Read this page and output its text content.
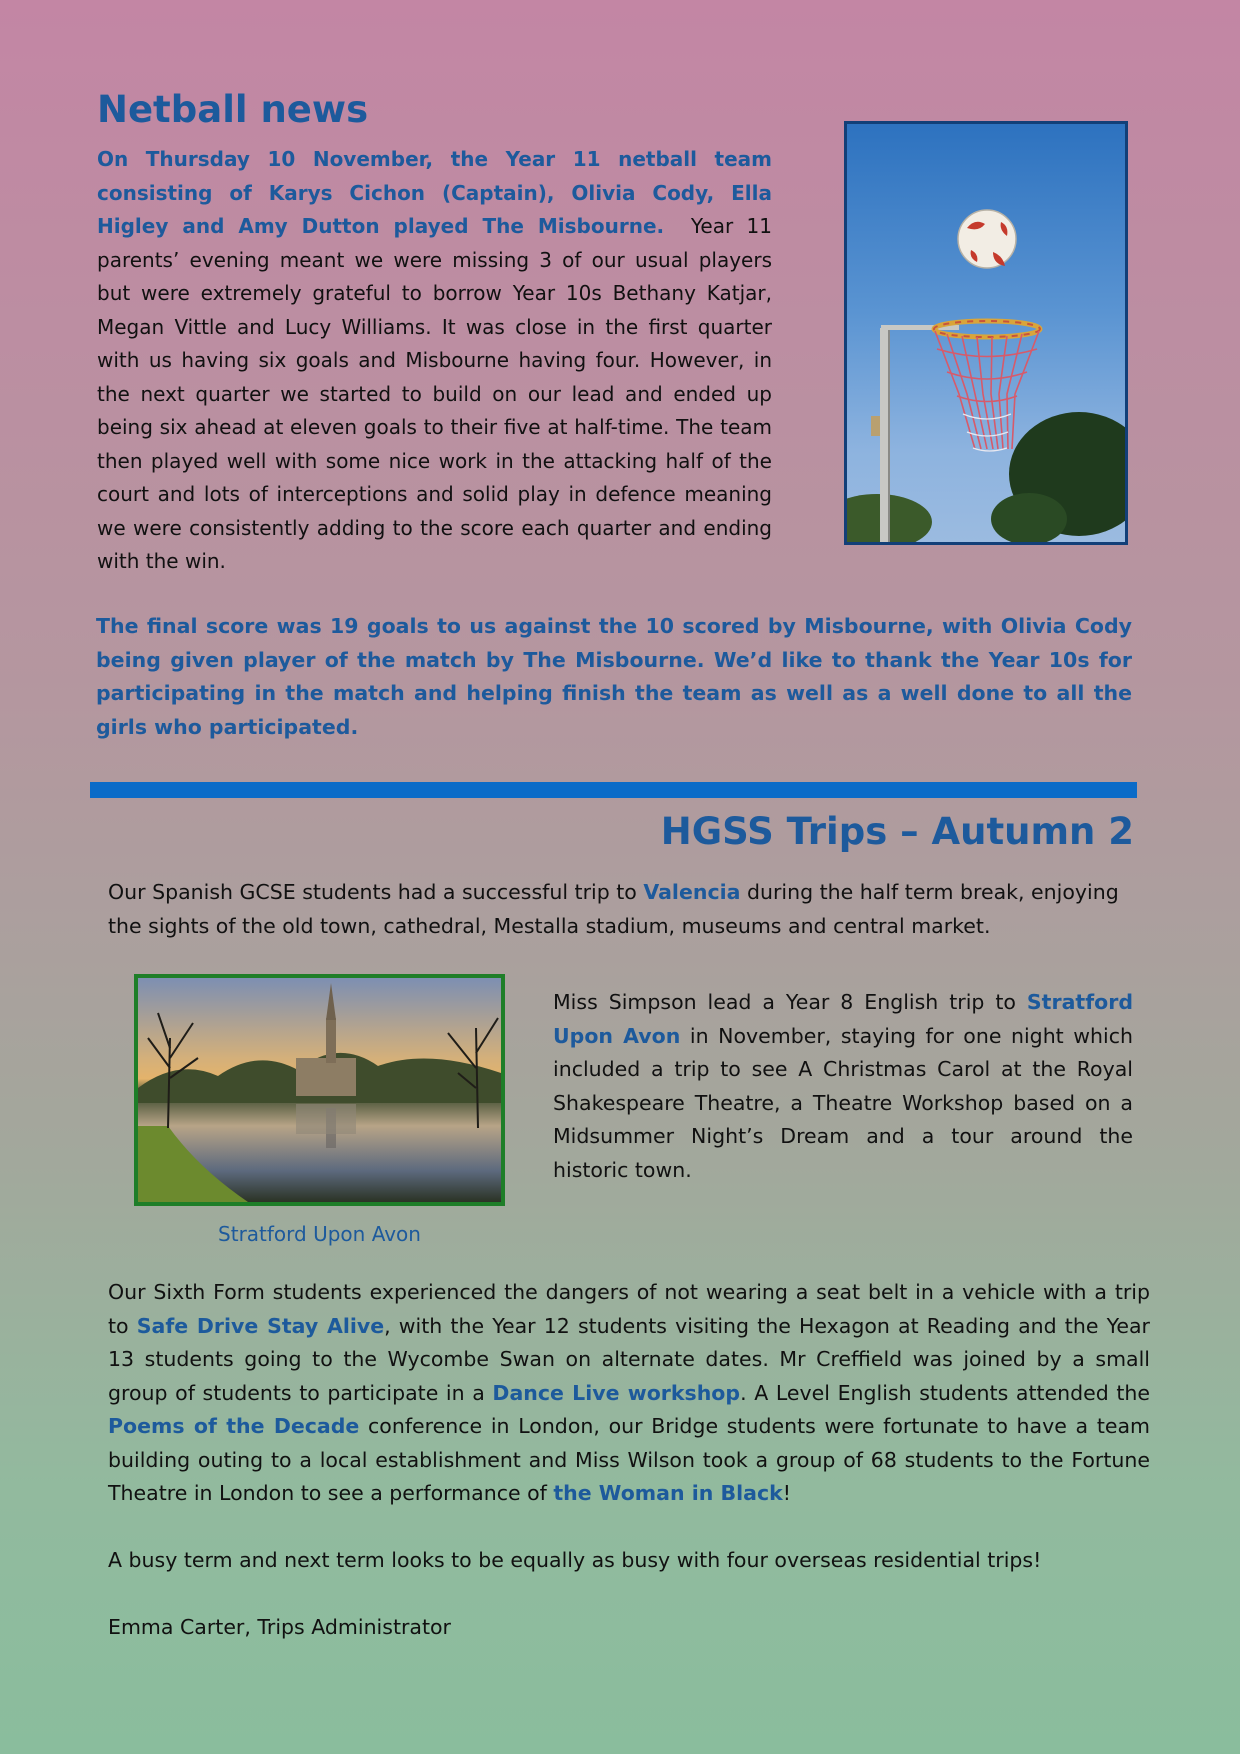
Netball news

On Thursday 10 November, the Year 11 netball team consisting of Karys Cichon (Captain), Olivia Cody, Ella Higley and Amy Dutton played The Misbourne. Year 11 parents’ evening meant we were missing 3 of our usual players but were extremely grateful to borrow Year 10s Bethany Katjar, Megan Vittle and Lucy Williams. It was close in the first quarter with us having six goals and Misbourne having four. However, in the next quarter we started to build on our lead and ended up being six ahead at eleven goals to their five at half-time. The team then played well with some nice work in the attacking half of the court and lots of interceptions and solid play in defence meaning we were consistently adding to the score each quarter and ending with the win.

The final score was 19 goals to us against the 10 scored by Misbourne, with Olivia Cody being given player of the match by The Misbourne. We’d like to thank the Year 10s for participating in the match and helping finish the team as well as a well done to all the girls who participated.

HGSS Trips – Autumn 2

Our Spanish GCSE students had a successful trip to Valencia during the half term break, enjoying the sights of the old town, cathedral, Mestalla stadium, museums and central market.

Stratford Upon Avon

Miss Simpson lead a Year 8 English trip to Stratford Upon Avon in November, staying for one night which included a trip to see A Christmas Carol at the Royal Shakespeare Theatre, a Theatre Workshop based on a Midsummer Night’s Dream and a tour around the historic town.

Our Sixth Form students experienced the dangers of not wearing a seat belt in a vehicle with a trip to Safe Drive Stay Alive, with the Year 12 students visiting the Hexagon at Reading and the Year 13 students going to the Wycombe Swan on alternate dates. Mr Creffield was joined by a small group of students to participate in a Dance Live workshop. A Level English students attended the Poems of the Decade conference in London, our Bridge students were fortunate to have a team building outing to a local establishment and Miss Wilson took a group of 68 students to the Fortune Theatre in London to see a performance of the Woman in Black!

A busy term and next term looks to be equally as busy with four overseas residential trips!

Emma Carter, Trips Administrator
